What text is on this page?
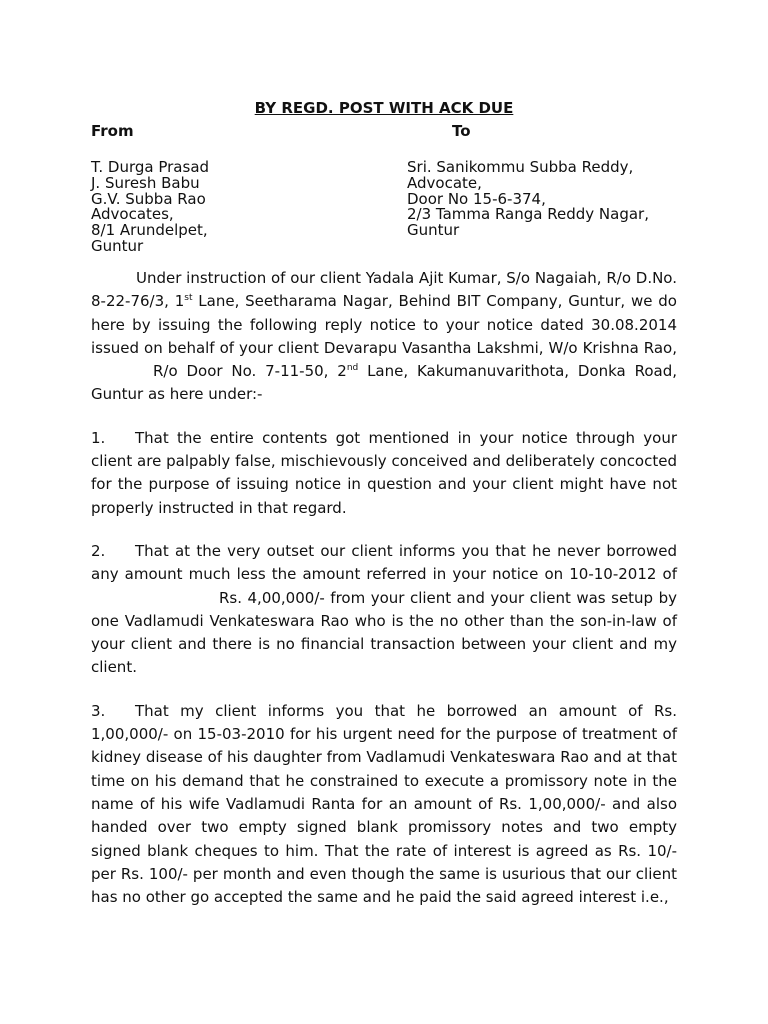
BY REGD. POST WITH ACK DUE

From	To
T. Durga Prasad
J. Suresh Babu
G.V. Subba Rao
Advocates,
8/1 Arundelpet,
Guntur
Sri. Sanikommu Subba Reddy,
Advocate,
Door No 15-6-374,
2/3 Tamma Ranga Reddy Nagar,
Guntur

Under instruction of our client Yadala Ajit Kumar, S/o Nagaiah, R/o D.No. 8-22-76/3, 1st Lane, Seetharama Nagar, Behind BIT Company, Guntur, we do here by issuing the following reply notice to your notice dated 30.08.2014 issued on behalf of your client Devarapu Vasantha Lakshmi, W/o Krishna Rao,R/o Door No. 7-11-50, 2nd Lane, Kakumanuvarithota, Donka Road, Guntur as here under:-

1. That the entire contents got mentioned in your notice through your client are palpably false, mischievously conceived and deliberately concocted for the purpose of issuing notice in question and your client might have not properly instructed in that regard.

2. That at the very outset our client informs you that he never borrowed any amount much less the amount referred in your notice on 10-10-2012 ofRs. 4,00,000/- from your client and your client was setup by one Vadlamudi Venkateswara Rao who is the no other than the son-in-law of your client and there is no financial transaction between your client and my client.

3. That my client informs you that he borrowed an amount of Rs. 1,00,000/- on 15-03-2010 for his urgent need for the purpose of treatment of kidney disease of his daughter from Vadlamudi Venkateswara Rao and at that time on his demand that he constrained to execute a promissory note in the name of his wife Vadlamudi Ranta for an amount of Rs. 1,00,000/- and also handed over two empty signed blank promissory notes and two empty signed blank cheques to him. That the rate of interest is agreed as Rs. 10/- per Rs. 100/- per month and even though the same is usurious that our client has no other go accepted the same and he paid the said agreed interest i.e.,
